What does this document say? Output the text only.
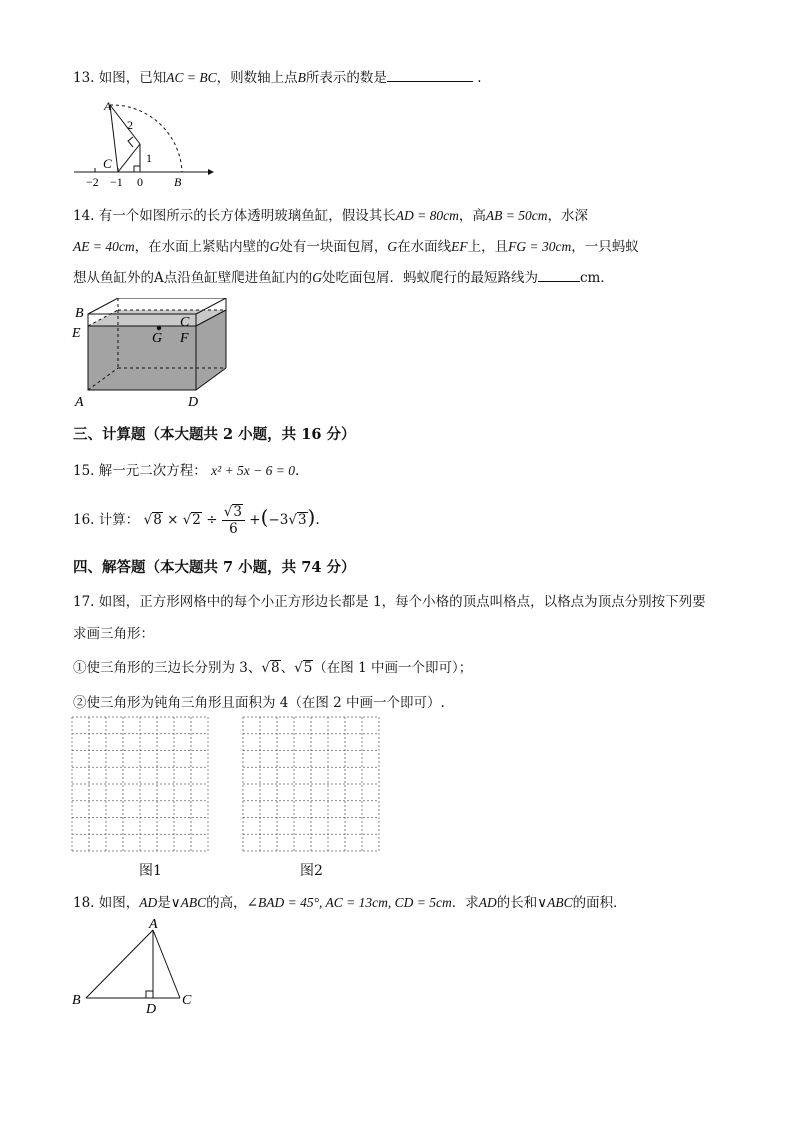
13. 如图，已知AC = BC，则数轴上点B所表示的数是	.
A
2
1
C
−2 −1 0	B
14. 有一个如图所示的长方体透明玻璃鱼缸，假设其长AD = 80cm，高AB = 50cm，水深
AE = 40cm，在水面上紧贴内壁的G处有一块面包屑，G在水面线EF上，且FG = 30cm，一只蚂蚁
想从鱼缸外的A点沿鱼缸壁爬进鱼缸内的G处吃面包屑．蚂蚁爬行的最短路线为	cm．
B
E
A
C
G F
D
三、计算题（本大题共 2 小题，共 16 分）
15. 解一元二次方程： x² + 5x − 6 = 0.
16. 计算： $√8 \times √2 \div \frac{√3}{6} +(-3√3)$.
四、解答题（本大题共 7 小题，共 74 分）
17. 如图，正方形网格中的每个小正方形边长都是 1，每个小格的顶点叫格点，以格点为顶点分别按下列要
求画三角形：
①使三角形的三边长分别为 3、√8、√5（在图 1 中画一个即可）；
②使三角形为钝角三角形且面积为 4（在图 2 中画一个即可）.
图1	图2
18. 如图，AD是∨ABC的高，∠BAD = 45°, AC = 13cm, CD = 5cm．求AD的长和∨ABC的面积．
A
B
D
C
